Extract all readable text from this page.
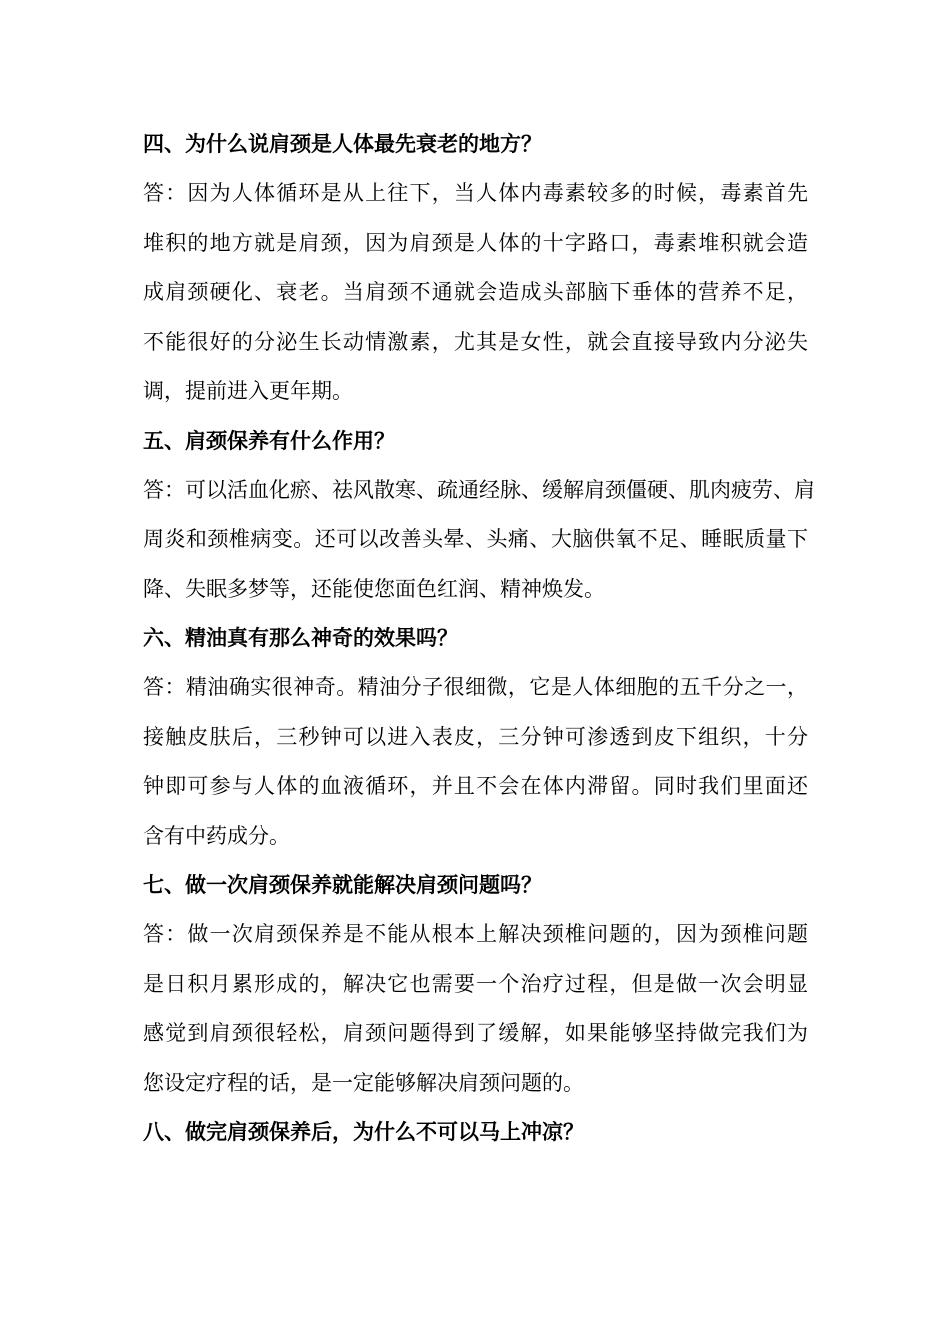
四、为什么说肩颈是人体最先衰老的地方？

答：因为人体循环是从上往下，当人体内毒素较多的时候，毒素首先
堆积的地方就是肩颈，因为肩颈是人体的十字路口，毒素堆积就会造
成肩颈硬化、衰老。当肩颈不通就会造成头部脑下垂体的营养不足，
不能很好的分泌生长动情激素，尤其是女性，就会直接导致内分泌失
调，提前进入更年期。

五、肩颈保养有什么作用？

答：可以活血化瘀、祛风散寒、疏通经脉、缓解肩颈僵硬、肌肉疲劳、肩
周炎和颈椎病变。还可以改善头晕、头痛、大脑供氧不足、睡眠质量下
降、失眠多梦等，还能使您面色红润、精神焕发。

六、精油真有那么神奇的效果吗？

答：精油确实很神奇。精油分子很细微，它是人体细胞的五千分之一，
接触皮肤后，三秒钟可以进入表皮，三分钟可渗透到皮下组织，十分
钟即可参与人体的血液循环，并且不会在体内滞留。同时我们里面还
含有中药成分。

七、做一次肩颈保养就能解决肩颈问题吗？

答：做一次肩颈保养是不能从根本上解决颈椎问题的，因为颈椎问题
是日积月累形成的，解决它也需要一个治疗过程，但是做一次会明显
感觉到肩颈很轻松，肩颈问题得到了缓解，如果能够坚持做完我们为
您设定疗程的话，是一定能够解决肩颈问题的。

八、做完肩颈保养后，为什么不可以马上冲凉？
